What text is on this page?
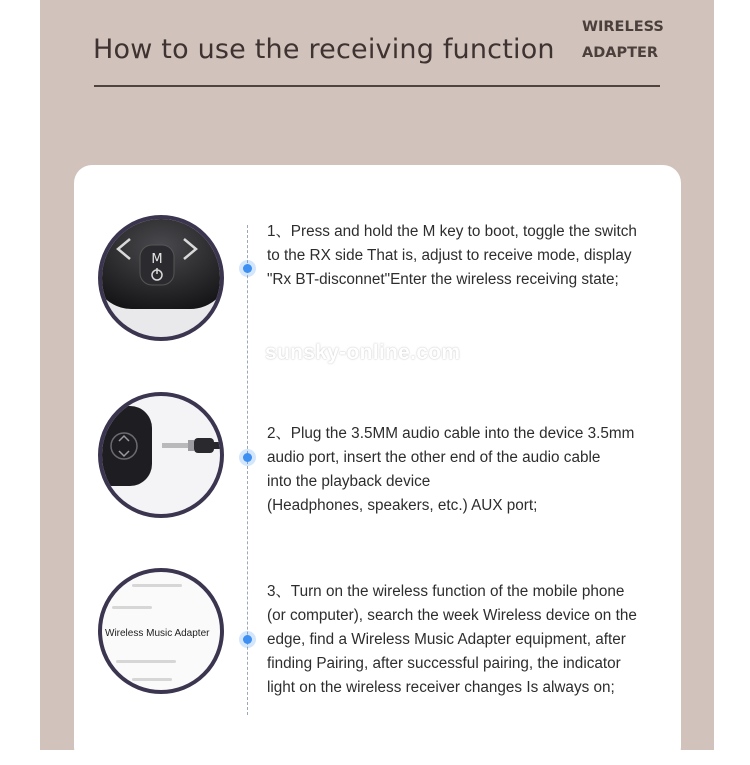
How to use the receiving function
WIRELESS
ADAPTER
M
Wireless Music Adapter
1、Press and hold the M key to boot, toggle the switch
to the RX side That is, adjust to receive mode, display
"Rx BT-disconnet"Enter the wireless receiving state;
2、Plug the 3.5MM audio cable into the device 3.5mm
audio port, insert the other end of the audio cable
into the playback device
(Headphones, speakers, etc.) AUX port;
3、Turn on the wireless function of the mobile phone
(or computer), search the week Wireless device on the
edge, find a Wireless Music Adapter equipment, after
finding Pairing, after successful pairing, the indicator
light on the wireless receiver changes Is always on;
sunsky-online.com
